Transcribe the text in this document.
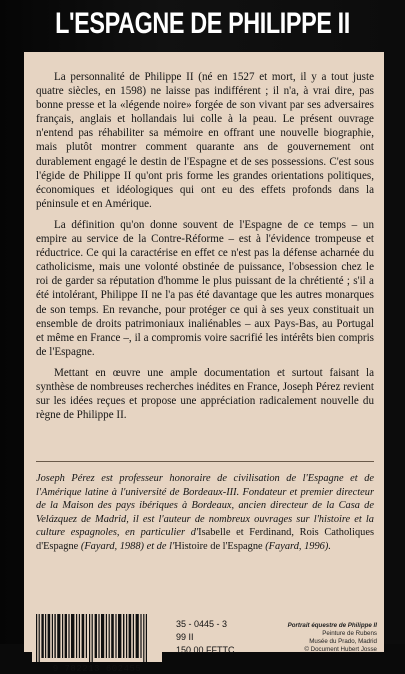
L'ESPAGNE DE PHILIPPE II

La personnalité de Philippe II (né en 1527 et mort, il y a tout juste quatre siècles, en 1598) ne laisse pas indifférent ; il n'a, à vrai dire, pas bonne presse et la «légende noire» forgée de son vivant par ses adversaires français, anglais et hollandais lui colle à la peau. Le présent ouvrage n'entend pas réhabiliter sa mémoire en offrant une nouvelle biographie, mais plutôt montrer comment quarante ans de gouvernement ont durablement engagé le destin de l'Espagne et de ses possessions. C'est sous l'égide de Philippe II qu'ont pris forme les grandes orientations politiques, économiques et idéologiques qui ont eu des effets profonds dans la péninsule et en Amérique.

La définition qu'on donne souvent de l'Espagne de ce temps – un empire au service de la Contre-Réforme – est à l'évidence trompeuse et réductrice. Ce qui la caractérise en effet ce n'est pas la défense acharnée du catholicisme, mais une volonté obstinée de puissance, l'obsession chez le roi de garder sa réputation d'homme le plus puissant de la chrétienté ; s'il a été intolérant, Philippe II ne l'a pas été davantage que les autres monarques de son temps. En revanche, pour protéger ce qui à ses yeux constituait un ensemble de droits patrimoniaux inaliénables – aux Pays-Bas, au Portugal et même en France –, il a compromis voire sacrifié les intérêts bien compris de l'Espagne.

Mettant en œuvre une ample documentation et surtout faisant la synthèse de nombreuses recherches inédites en France, Joseph Pérez revient sur les idées reçues et propose une appréciation radicalement nouvelle du règne de Philippe II.

Joseph Pérez est professeur honoraire de civilisation de l'Espagne et de l'Amérique latine à l'université de Bordeaux-III. Fondateur et premier directeur de la Maison des pays ibériques à Bordeaux, ancien directeur de la Casa de Velázquez de Madrid, il est l'auteur de nombreux ouvrages sur l'histoire et la culture espagnoles, en particulier d'Isabelle et Ferdinand, Rois Catholiques d'Espagne (Fayard, 1988) et de l'Histoire de l'Espagne (Fayard, 1996).

9 782213 602455
35 - 0445 - 3
99 II
150,00 FFTTC
Portrait équestre de Philippe II
Peinture de Rubens
Musée du Prado, Madrid
© Document Hubert Josse
